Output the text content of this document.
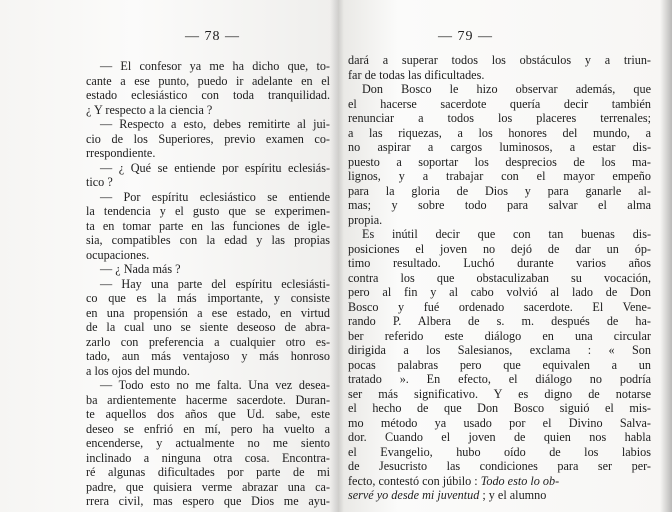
— 78 —
— El confesor ya me ha dicho que, to-
cante a ese punto, puedo ir adelante en el
estado eclesiástico con toda tranquilidad.
¿ Y respecto a la ciencia ?
— Respecto a esto, debes remitirte al jui-
cio de los Superiores, previo examen co-
rrespondiente.
— ¿ Qué se entiende por espíritu eclesiás-
tico ?
— Por espíritu eclesiástico se entiende
la tendencia y el gusto que se experimen-
ta en tomar parte en las funciones de igle-
sia, compatibles con la edad y las propias
ocupaciones.
— ¿ Nada más ?
— Hay una parte del espíritu eclesiásti-
co que es la más importante, y consiste
en una propensión a ese estado, en virtud
de la cual uno se siente deseoso de abra-
zarlo con preferencia a cualquier otro es-
tado, aun más ventajoso y más honroso
a los ojos del mundo.
— Todo esto no me falta. Una vez desea-
ba ardientemente hacerme sacerdote. Duran-
te aquellos dos años que Ud. sabe, este
deseo se enfrió en mí, pero ha vuelto a
encenderse, y actualmente no me siento
inclinado a ninguna otra cosa. Encontra-
ré algunas dificultades por parte de mi
padre, que quisiera verme abrazar una ca-
rrera civil, mas espero que Dios me ayu-
— 79 —
dará a superar todos los obstáculos y a triun-
far de todas las dificultades.
Don Bosco le hizo observar además, que
el hacerse sacerdote quería decir también
renunciar a todos los placeres terrenales;
a las riquezas, a los honores del mundo, a
no aspirar a cargos luminosos, a estar dis-
puesto a soportar los desprecios de los ma-
lignos, y a trabajar con el mayor empeño
para la gloria de Dios y para ganarle al-
mas; y sobre todo para salvar el alma
propia.
Es inútil decir que con tan buenas dis-
posiciones el joven no dejó de dar un óp-
timo resultado. Luchó durante varios años
contra los que obstaculizaban su vocación,
pero al fin y al cabo volvió al lado de Don
Bosco y fué ordenado sacerdote. El Vene-
rando P. Albera de s. m. después de ha-
ber referido este diálogo en una circular
dirigida a los Salesianos, exclama : « Son
pocas palabras pero que equivalen a un
tratado ». En efecto, el diálogo no podría
ser más significativo. Y es digno de notarse
el hecho de que Don Bosco siguió el mis-
mo método ya usado por el Divino Salva-
dor. Cuando el joven de quien nos habla
el Evangelio, hubo oído de los labios
de Jesucristo las condiciones para ser per-
fecto, contestó con júbilo : Todo esto lo ob-
servé yo desde mi juventud ; y el alumno
